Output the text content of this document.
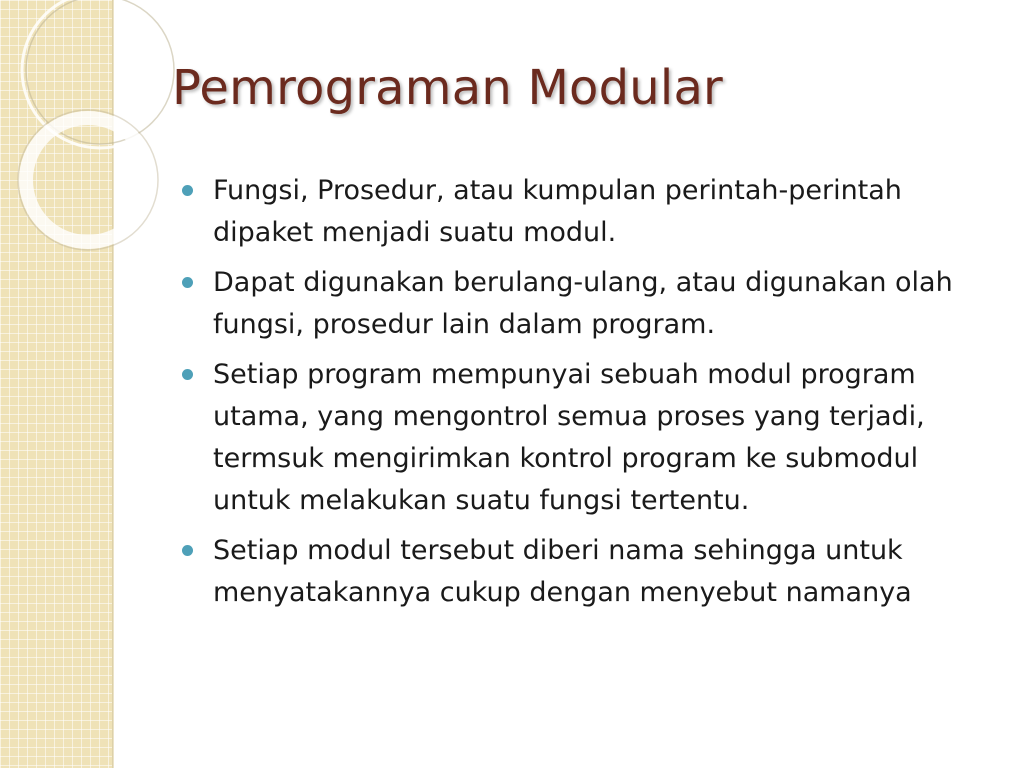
Pemrograman Modular
Fungsi, Prosedur, atau kumpulan perintah-perintah dipaket menjadi suatu modul.
Dapat digunakan berulang-ulang, atau digunakan olah fungsi, prosedur lain dalam program.
Setiap program mempunyai sebuah modul program utama, yang mengontrol semua proses yang terjadi, termsuk mengirimkan kontrol program ke submodul untuk melakukan suatu fungsi tertentu.
Setiap modul tersebut diberi nama sehingga untuk menyatakannya cukup dengan menyebut namanya
